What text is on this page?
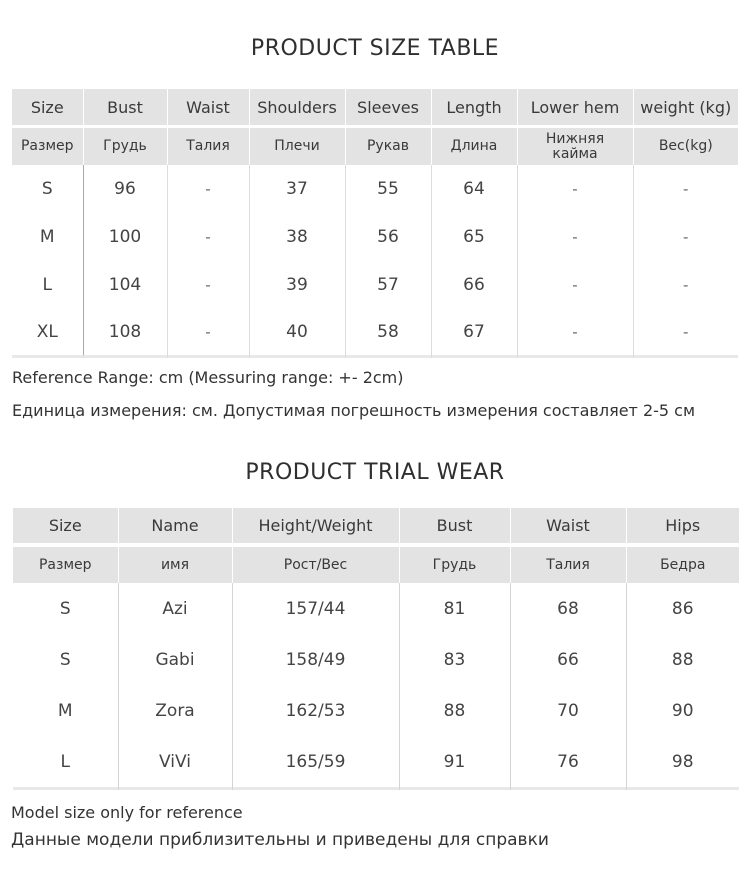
PRODUCT SIZE TABLE
Size	Bust	Waist	Shoulders	Sleeves	Length	Lower hem	weight (kg)
Размер	Грудь	Талия	Плечи	Рукав	Длина	Нижняя кайма	Вес(kg)
S	96	-	37	55	64	-	-
M	100	-	38	56	65	-	-
L	104	-	39	57	66	-	-
XL	108	-	40	58	67	-	-

Reference Range: cm (Messuring range: +- 2cm)
Единица измерения: см. Допустимая погрешность измерения составляет 2-5 см
PRODUCT TRIAL WEAR
Size	Name	Height/Weight	Bust	Waist	Hips
Размер	имя	Рост/Вес	Грудь	Талия	Бедра
S	Azi	157/44	81	68	86
S	Gabi	158/49	83	66	88
M	Zora	162/53	88	70	90
L	ViVi	165/59	91	76	98

Model size only for reference
Данные модели приблизительны и приведены для справки
